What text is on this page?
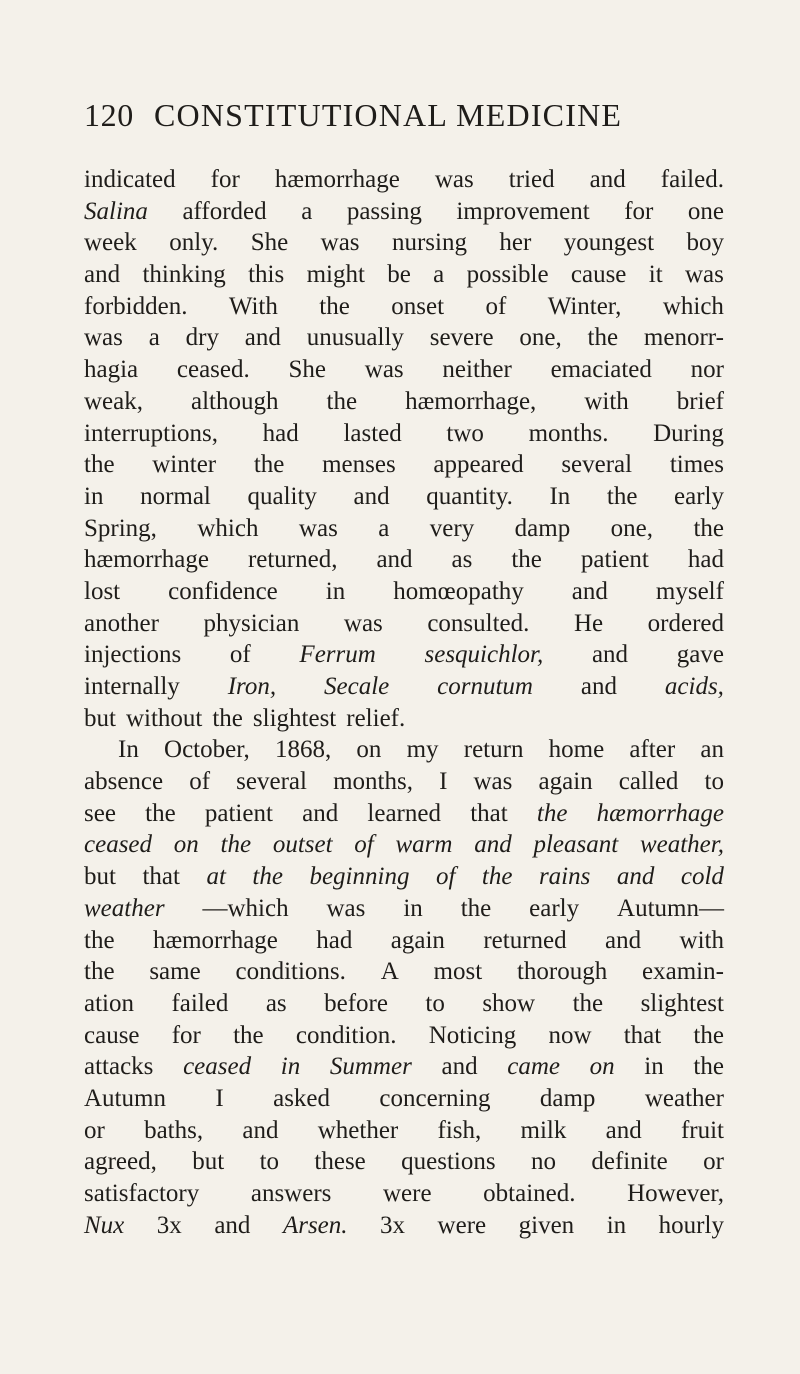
120 CONSTITUTIONAL MEDICINE
indicated for hæmorrhage was tried and failed.
Salina afforded a passing improvement for one
week only. She was nursing her youngest boy
and thinking this might be a possible cause it was
forbidden. With the onset of Winter, which
was a dry and unusually severe one, the menorr-
hagia ceased. She was neither emaciated nor
weak, although the hæmorrhage, with brief
interruptions, had lasted two months. During
the winter the menses appeared several times
in normal quality and quantity. In the early
Spring, which was a very damp one, the
hæmorrhage returned, and as the patient had
lost confidence in homœopathy and myself
another physician was consulted. He ordered
injections of Ferrum sesquichlor, and gave
internally Iron, Secale cornutum and acids,
but without the slightest relief.
In October, 1868, on my return home after an
absence of several months, I was again called to
see the patient and learned that the hæmorrhage
ceased on the outset of warm and pleasant weather,
but that at the beginning of the rains and cold
weather —which was in the early Autumn—
the hæmorrhage had again returned and with
the same conditions. A most thorough examin-
ation failed as before to show the slightest
cause for the condition. Noticing now that the
attacks ceased in Summer and came on in the
Autumn I asked concerning damp weather
or baths, and whether fish, milk and fruit
agreed, but to these questions no definite or
satisfactory answers were obtained. However,
Nux 3x and Arsen. 3x were given in hourly
